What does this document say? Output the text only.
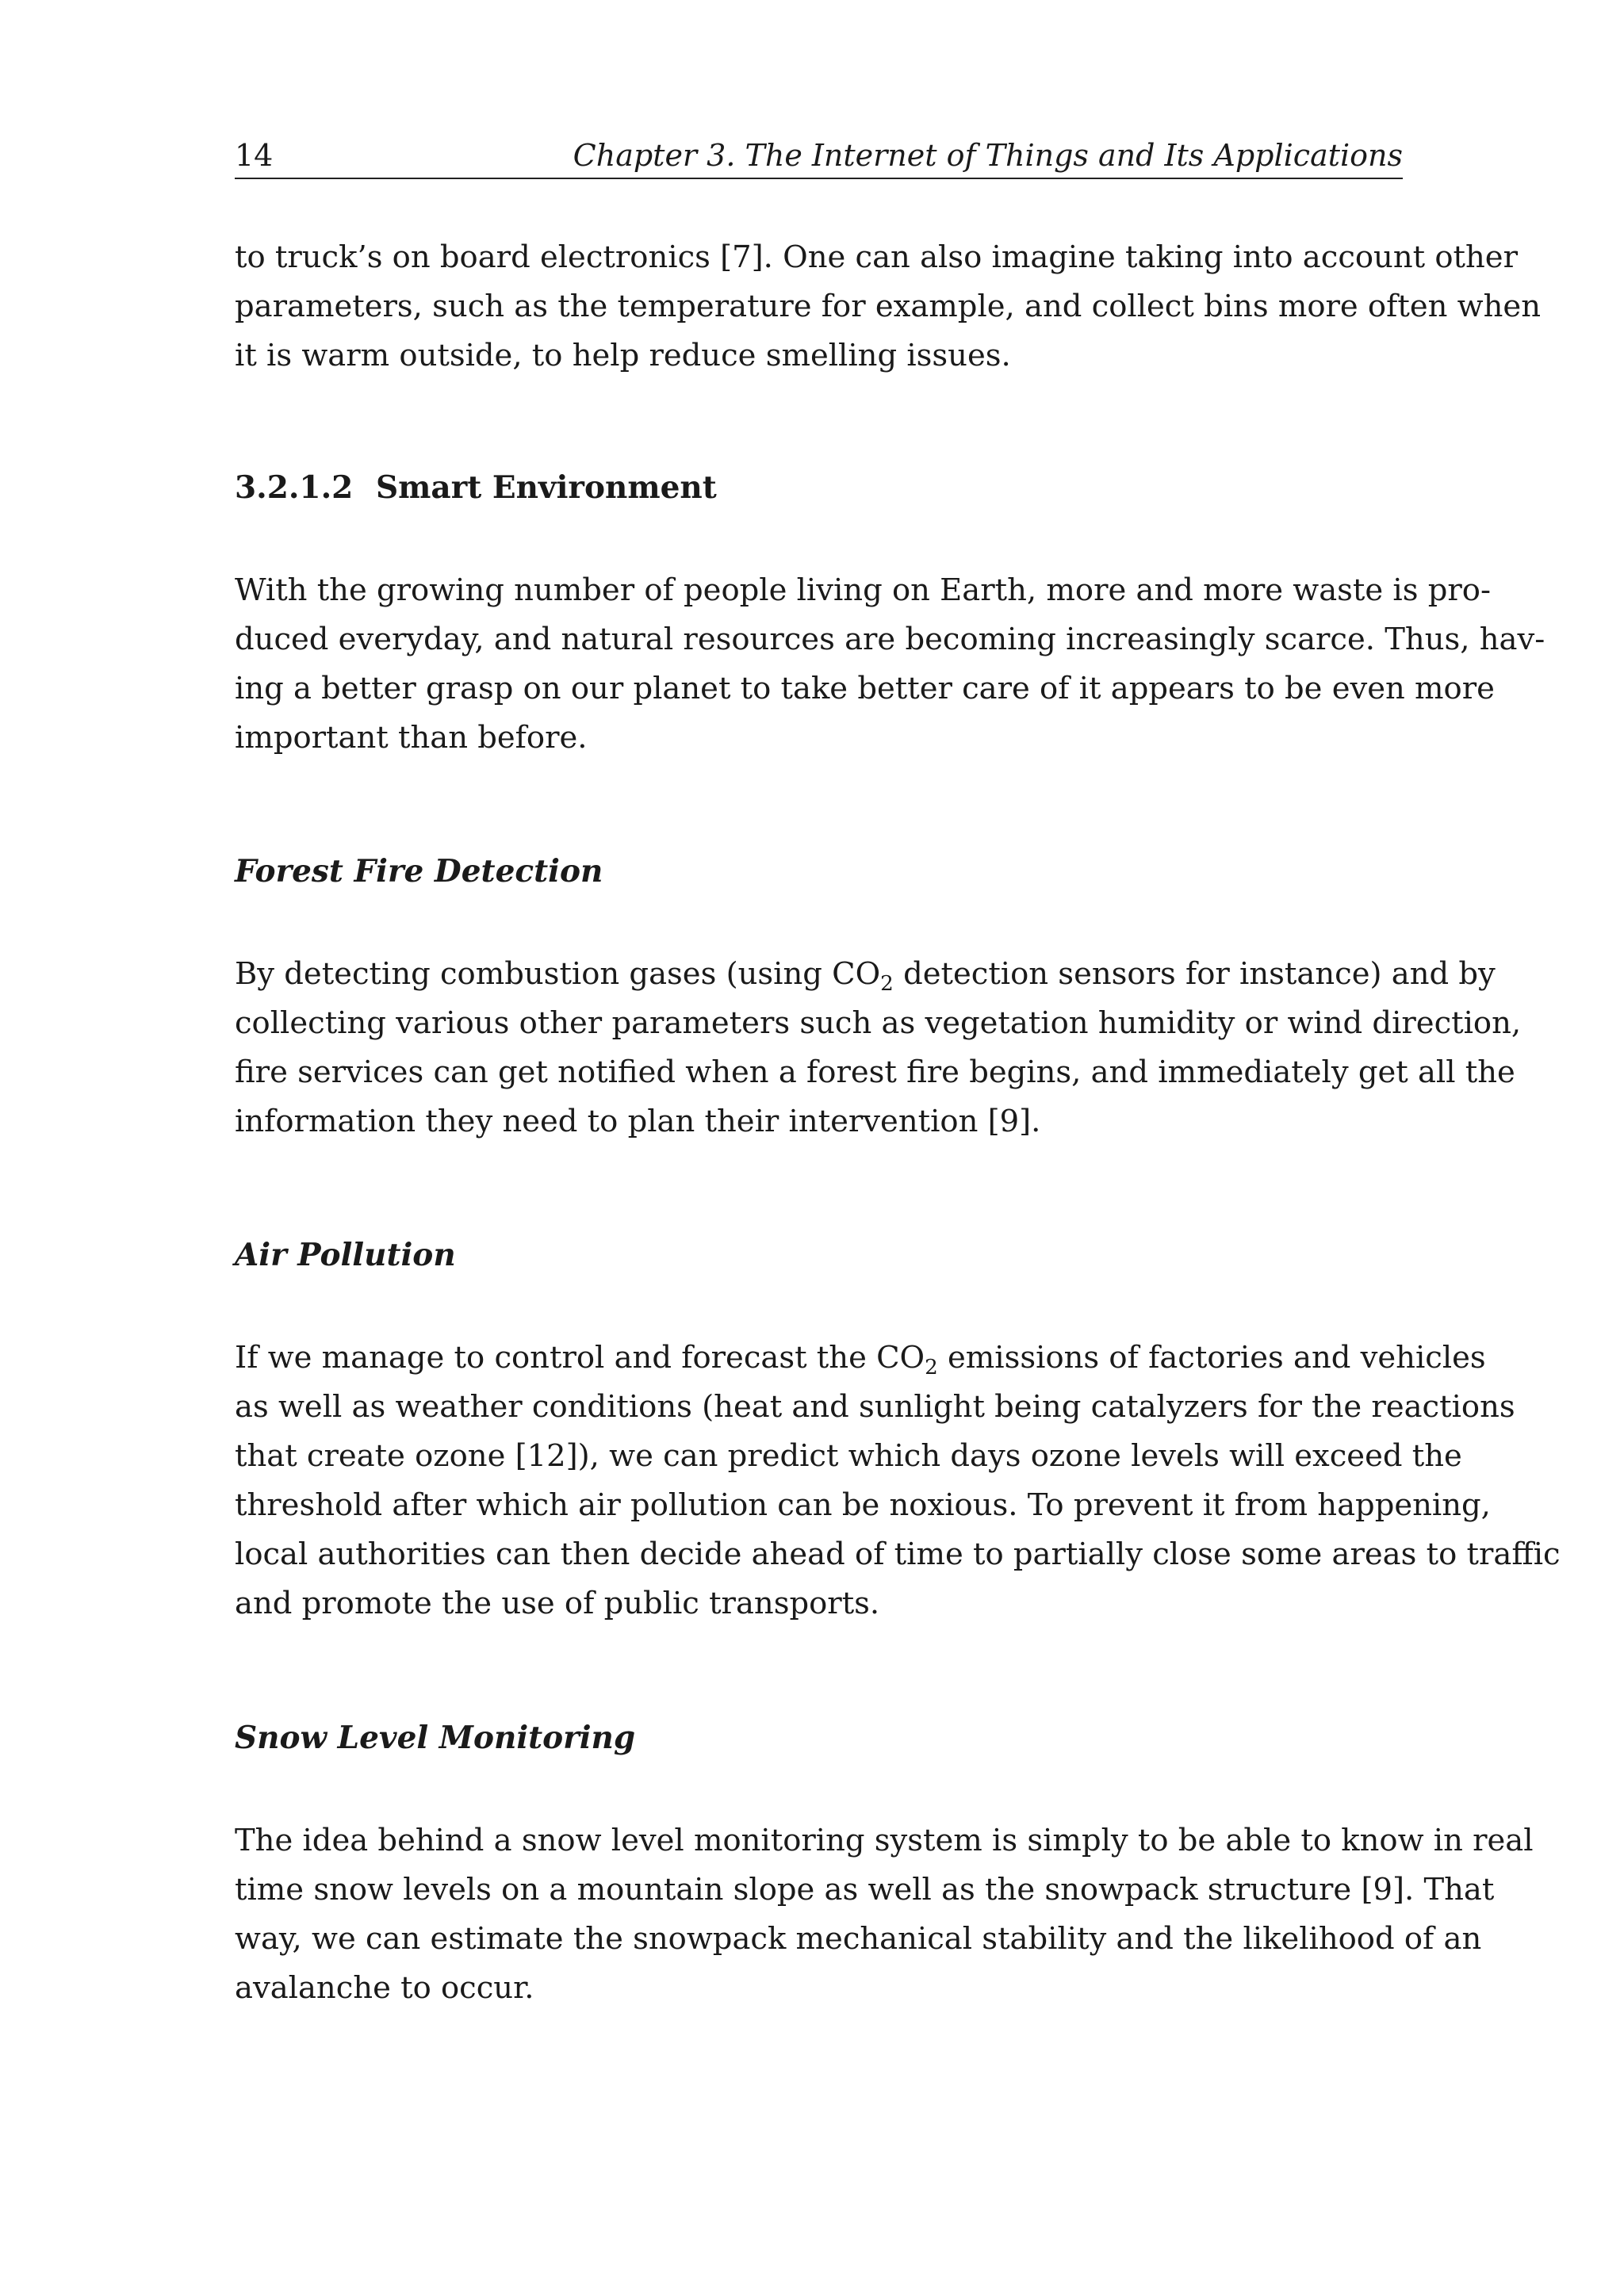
14	Chapter 3. The Internet of Things and Its Applications

to truck’s on board electronics [7]. One can also imagine taking into account other
parameters, such as the temperature for example, and collect bins more often when
it is warm outside, to help reduce smelling issues.

3.2.1.2 Smart Environment

With the growing number of people living on Earth, more and more waste is pro-
duced everyday, and natural resources are becoming increasingly scarce. Thus, hav-
ing a better grasp on our planet to take better care of it appears to be even more
important than before.

Forest Fire Detection

By detecting combustion gases (using $CO_2$ detection sensors for instance) and by
collecting various other parameters such as vegetation humidity or wind direction,
fire services can get notified when a forest fire begins, and immediately get all the
information they need to plan their intervention [9].

Air Pollution

If we manage to control and forecast the $CO_2$ emissions of factories and vehicles
as well as weather conditions (heat and sunlight being catalyzers for the reactions
that create ozone [12]), we can predict which days ozone levels will exceed the
threshold after which air pollution can be noxious. To prevent it from happening,
local authorities can then decide ahead of time to partially close some areas to traffic
and promote the use of public transports.

Snow Level Monitoring

The idea behind a snow level monitoring system is simply to be able to know in real
time snow levels on a mountain slope as well as the snowpack structure [9]. That
way, we can estimate the snowpack mechanical stability and the likelihood of an
avalanche to occur.
